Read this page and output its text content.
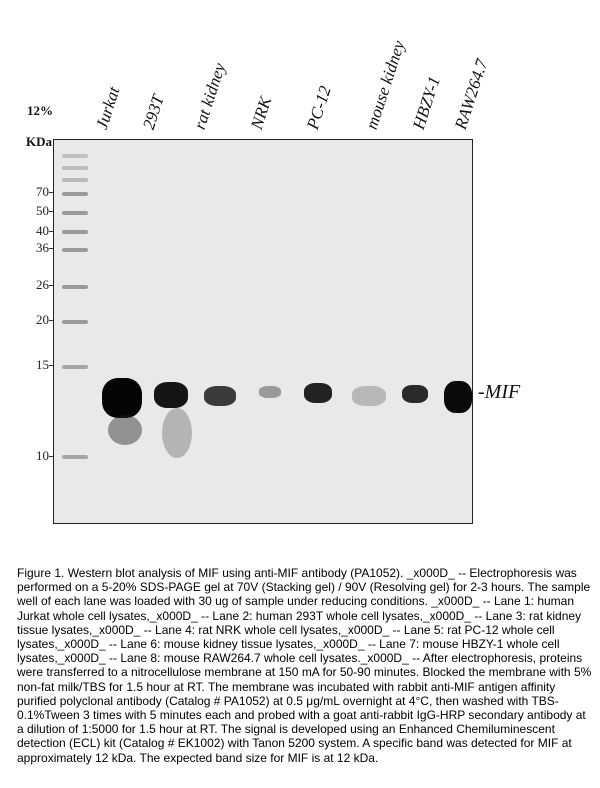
12%
KDa
Jurkat 293T rat kidney NRK PC-12 mouse kidney HBZY-1 RAW264.7
70
50
40
36
26
20
15
10
-MIF
Figure 1. Western blot analysis of MIF using anti-MIF antibody (PA1052). _x000D_ -- Electrophoresis was performed on a 5-20% SDS-PAGE gel at 70V (Stacking gel) / 90V (Resolving gel) for 2-3 hours. The sample well of each lane was loaded with 30 ug of sample under reducing conditions. _x000D_ -- Lane 1: human Jurkat whole cell lysates,_x000D_ -- Lane 2: human 293T whole cell lysates,_x000D_ -- Lane 3: rat kidney tissue lysates,_x000D_ -- Lane 4: rat NRK whole cell lysates,_x000D_ -- Lane 5: rat PC-12 whole cell lysates,_x000D_ -- Lane 6: mouse kidney tissue lysates,_x000D_ -- Lane 7: mouse HBZY-1 whole cell lysates,_x000D_ -- Lane 8: mouse RAW264.7 whole cell lysates._x000D_ -- After electrophoresis, proteins were transferred to a nitrocellulose membrane at 150 mA for 50-90 minutes. Blocked the membrane with 5% non-fat milk/TBS for 1.5 hour at RT. The membrane was incubated with rabbit anti-MIF antigen affinity purified polyclonal antibody (Catalog # PA1052) at 0.5 μg/mL overnight at 4°C, then washed with TBS-0.1%Tween 3 times with 5 minutes each and probed with a goat anti-rabbit IgG-HRP secondary antibody at a dilution of 1:5000 for 1.5 hour at RT. The signal is developed using an Enhanced Chemiluminescent detection (ECL) kit (Catalog # EK1002) with Tanon 5200 system. A specific band was detected for MIF at approximately 12 kDa. The expected band size for MIF is at 12 kDa.
